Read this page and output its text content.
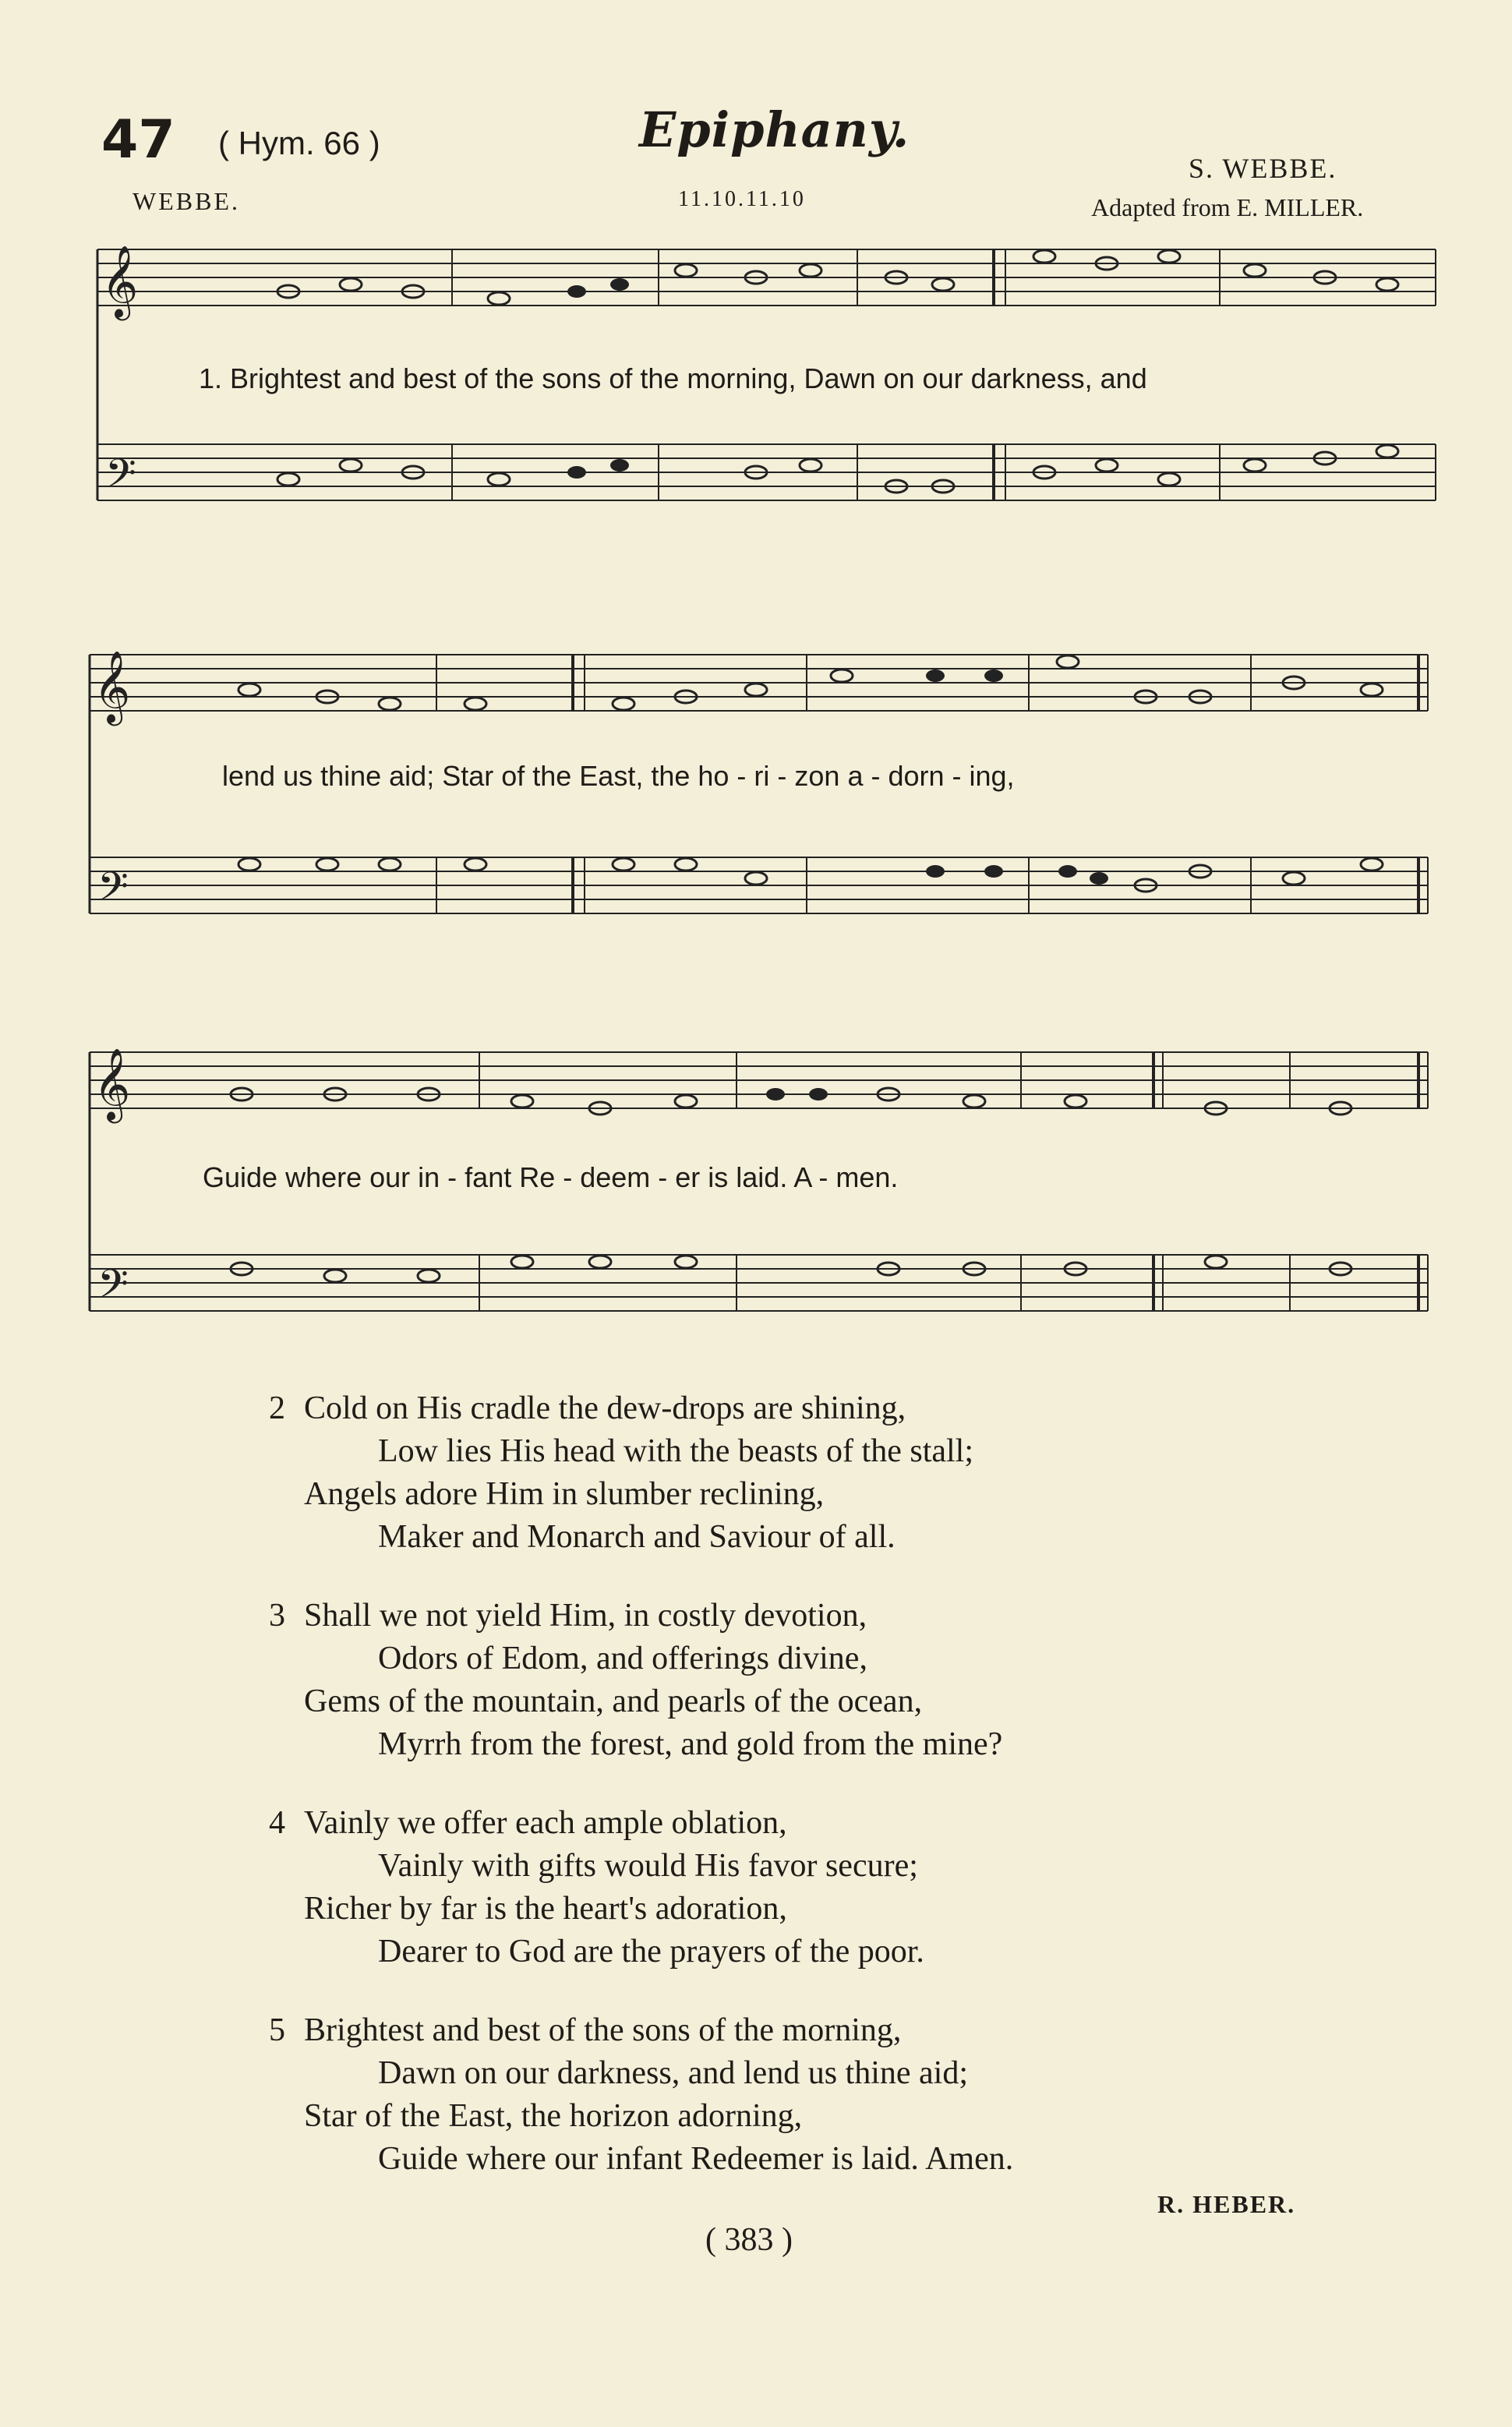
47 ( Hym. 66 )	Epiphany.
S. WEBBE.
WEBBE.	11.10.11.10	Adapted from E. MILLER.
𝄞
𝄢
1. Brightest and best of the sons of the morning, Dawn on our darkness, and
𝄞
𝄢
lend us thine aid; Star of the East, the ho - ri - zon a - dorn - ing,
𝄞
𝄢
Guide where our in - fant Re - deem - er is laid. A - men.
2 Cold on His cradle the dew-drops are shining,
Low lies His head with the beasts of the stall;
Angels adore Him in slumber reclining,
Maker and Monarch and Saviour of all.
3 Shall we not yield Him, in costly devotion,
Odors of Edom, and offerings divine,
Gems of the mountain, and pearls of the ocean,
Myrrh from the forest, and gold from the mine?
4 Vainly we offer each ample oblation,
Vainly with gifts would His favor secure;
Richer by far is the heart's adoration,
Dearer to God are the prayers of the poor.
5 Brightest and best of the sons of the morning,
Dawn on our darkness, and lend us thine aid;
Star of the East, the horizon adorning,
Guide where our infant Redeemer is laid. Amen.
R. HEBER.
( 383 )
